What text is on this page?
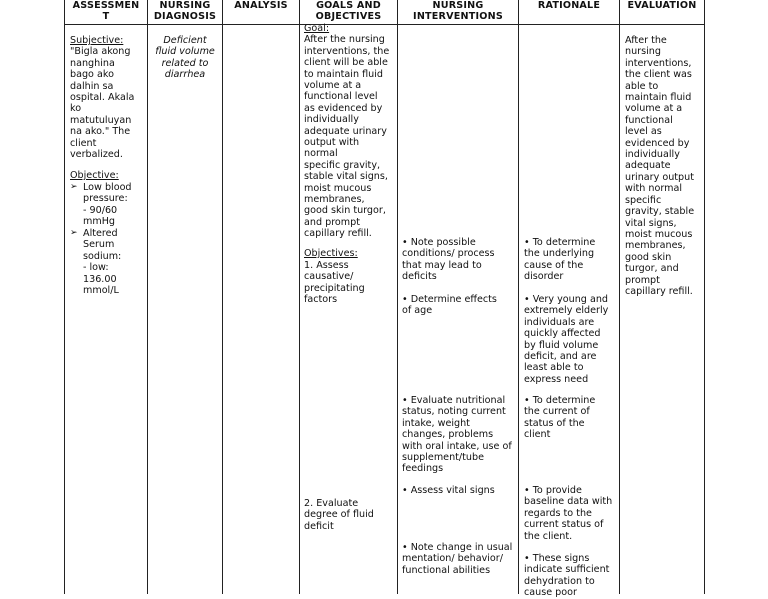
ASSESSMEN
T
NURSING
DIAGNOSIS
ANALYSIS	GOALS AND
OBJECTIVES
NURSING
INTERVENTIONS
RATIONALE	EVALUATION
Subjective:
"Bigla akong
nanghina
bago ako
dalhin sa
ospital. Akala
ko
matutuluyan
na ako." The
client
verbalized.
Objective:
➢ Low blood
pressure:
- 90/60
mmHg
➢ Altered
Serum
sodium:
- low:
136.00
mmol/L
Deficient
fluid volume
related to
diarrhea
Goal:
After the nursing
interventions, the
client will be able
to maintain fluid
volume at a
functional level
as evidenced by
individually
adequate urinary
output with
normal
specific gravity,
stable vital signs,
moist mucous
membranes,
good skin turgor,
and prompt
capillary refill.
Objectives:
1. Assess
causative/
precipitating
factors
2. Evaluate
degree of fluid
deficit
• Note possible
conditions/ process
that may lead to
deficits
• Determine effects
of age
• Evaluate nutritional
status, noting current
intake, weight
changes, problems
with oral intake, use of
supplement/tube
feedings
• Assess vital signs
• Note change in usual
mentation/ behavior/
functional abilities
• To determine
the underlying
cause of the
disorder
• Very young and
extremely elderly
individuals are
quickly affected
by fluid volume
deficit, and are
least able to
express need
• To determine
the current of
status of the
client
• To provide
baseline data with
regards to the
current status of
the client.
• These signs
indicate sufficient
dehydration to
cause poor
After the
nursing
interventions,
the client was
able to
maintain fluid
volume at a
functional
level as
evidenced by
individually
adequate
urinary output
with normal
specific
gravity, stable
vital signs,
moist mucous
membranes,
good skin
turgor, and
prompt
capillary refill.
